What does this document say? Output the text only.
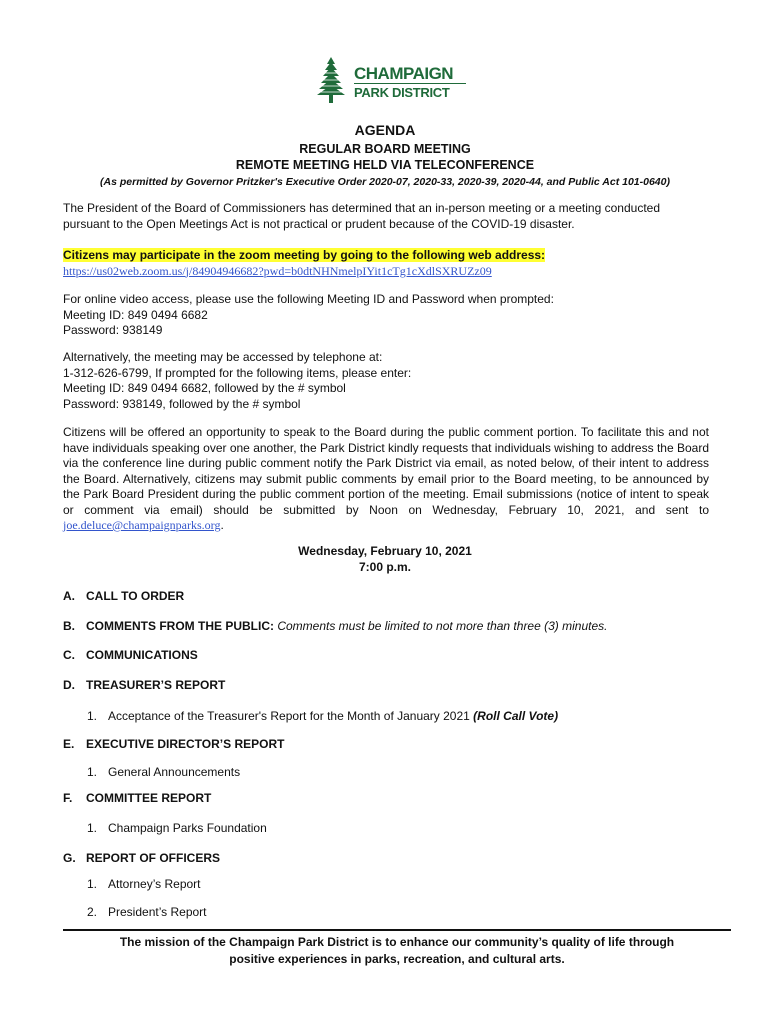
CHAMPAIGN
PARK DISTRICT
AGENDA
REGULAR BOARD MEETING
REMOTE MEETING HELD VIA TELECONFERENCE
(As permitted by Governor Pritzker's Executive Order 2020-07, 2020-33, 2020-39, 2020-44, and Public Act 101-0640)
The President of the Board of Commissioners has determined that an in-person meeting or a meeting conducted pursuant to the Open Meetings Act is not practical or prudent because of the COVID-19 disaster.
Citizens may participate in the zoom meeting by going to the following web address:
https://us02web.zoom.us/j/84904946682?pwd=b0dtNHNmelpIYit1cTg1cXdlSXRUZz09
For online video access, please use the following Meeting ID and Password when prompted:
Meeting ID: 849 0494 6682
Password: 938149
Alternatively, the meeting may be accessed by telephone at:
1-312-626-6799, If prompted for the following items, please enter:
Meeting ID: 849 0494 6682, followed by the # symbol
Password: 938149, followed by the # symbol
Citizens will be offered an opportunity to speak to the Board during the public comment portion. To facilitate this and not have individuals speaking over one another, the Park District kindly requests that individuals wishing to address the Board via the conference line during public comment notify the Park District via email, as noted below, of their intent to address the Board. Alternatively, citizens may submit public comments by email prior to the Board meeting, to be announced by the Park Board President during the public comment portion of the meeting. Email submissions (notice of intent to speak or comment via email) should be submitted by Noon on Wednesday, February 10, 2021, and sent to joe.deluce@champaignparks.org.
Wednesday, February 10, 2021
7:00 p.m.
A. CALL TO ORDER
B. COMMENTS FROM THE PUBLIC: Comments must be limited to not more than three (3) minutes.
C. COMMUNICATIONS
D. TREASURER’S REPORT
1. Acceptance of the Treasurer's Report for the Month of January 2021 (Roll Call Vote)
E. EXECUTIVE DIRECTOR’S REPORT
1. General Announcements
F. COMMITTEE REPORT
1. Champaign Parks Foundation
G. REPORT OF OFFICERS
1. Attorney’s Report
2. President’s Report
The mission of the Champaign Park District is to enhance our community’s quality of life through
positive experiences in parks, recreation, and cultural arts.
